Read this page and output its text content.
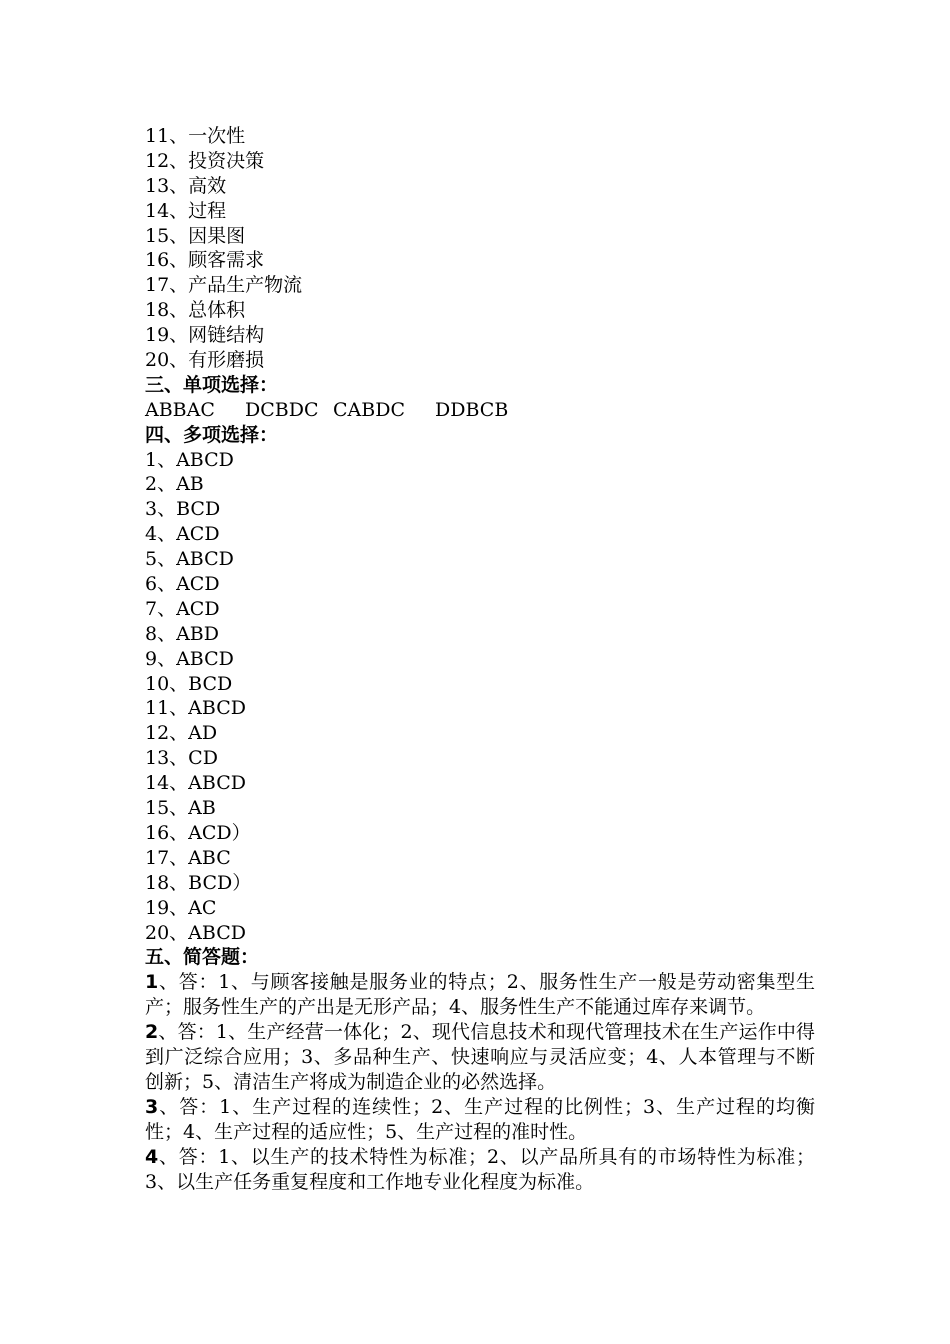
11、一次性
12、投资决策
13、高效
14、过程
15、因果图
16、顾客需求
17、产品生产物流
18、总体积
19、网链结构
20、有形磨损
三、单项选择：
ABBAC DCBDC CABDC DDBCB
四、多项选择：
1、ABCD
2、AB
3、BCD
4、ACD
5、ABCD
6、ACD
7、ACD
8、ABD
9、ABCD
10、BCD
11、ABCD
12、AD
13、CD
14、ABCD
15、AB
16、ACD）
17、ABC
18、BCD）
19、AC
20、ABCD
五、简答题：
1、答：1、与顾客接触是服务业的特点；2、服务性生产一般是劳动密集型生产；服务性生产的产出是无形产品；4、服务性生产不能通过库存来调节。
2、答：1、生产经营一体化；2、现代信息技术和现代管理技术在生产运作中得到广泛综合应用；3、多品种生产、快速响应与灵活应变；4、人本管理与不断创新；5、清洁生产将成为制造企业的必然选择。
3、答：1、生产过程的连续性；2、生产过程的比例性；3、生产过程的均衡性；4、生产过程的适应性；5、生产过程的准时性。
4、答：1、以生产的技术特性为标准；2、以产品所具有的市场特性为标准；3、以生产任务重复程度和工作地专业化程度为标准。
